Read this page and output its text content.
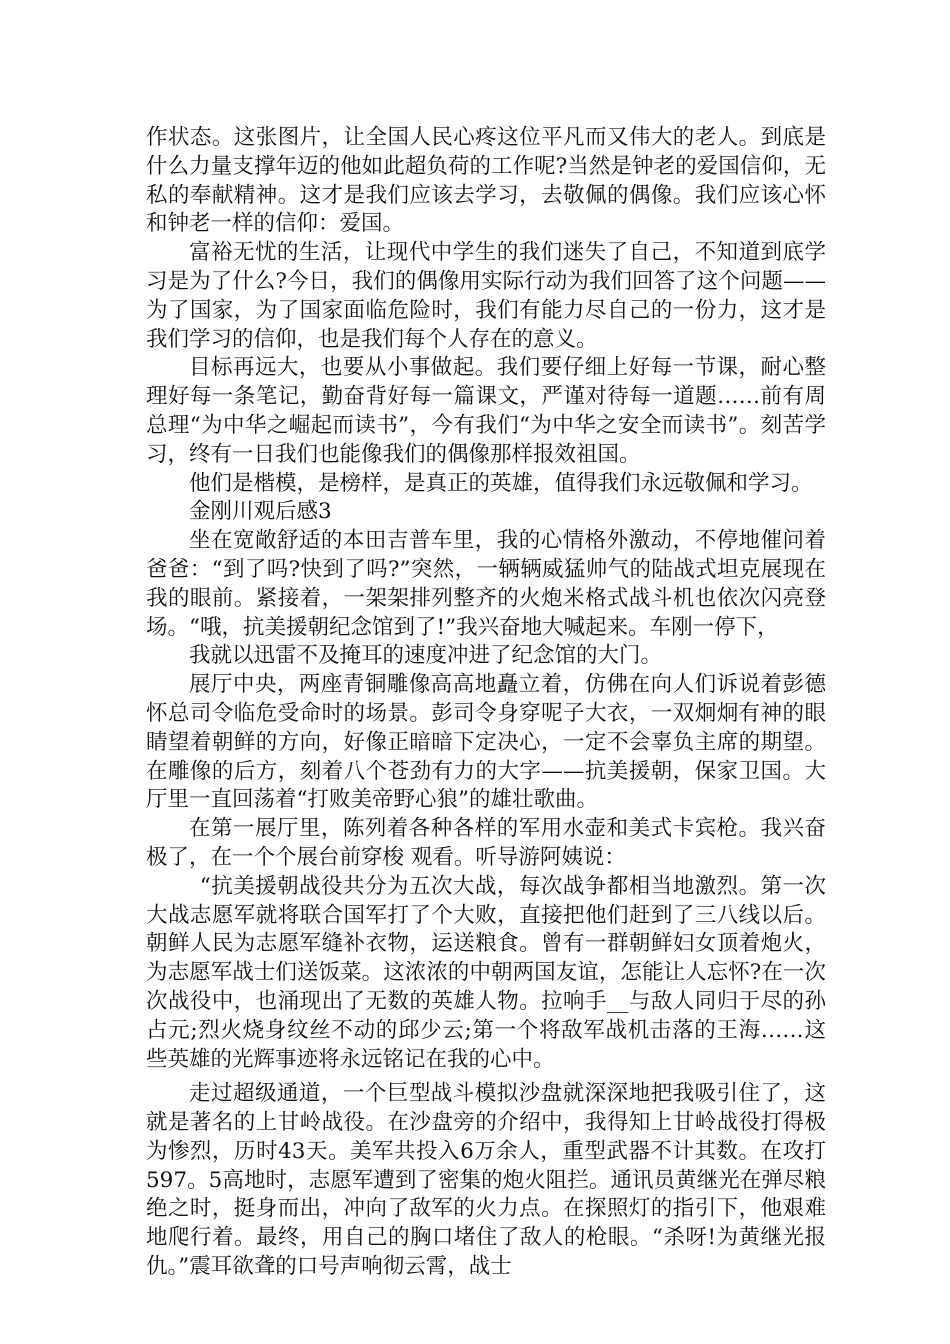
作状态。这张图片，让全国人民心疼这位平凡而又伟大的老人。到底是什么力量支撑年迈的他如此超负荷的工作呢?当然是钟老的爱国信仰，无私的奉献精神。这才是我们应该去学习，去敬佩的偶像。我们应该心怀和钟老一样的信仰：爱国。

富裕无忧的生活，让现代中学生的我们迷失了自己，不知道到底学习是为了什么?今日，我们的偶像用实际行动为我们回答了这个问题——为了国家，为了国家面临危险时，我们有能力尽自己的一份力，这才是我们学习的信仰，也是我们每个人存在的意义。

目标再远大，也要从小事做起。我们要仔细上好每一节课，耐心整理好每一条笔记，勤奋背好每一篇课文，严谨对待每一道题……前有周总理“为中华之崛起而读书”，今有我们“为中华之安全而读书”。刻苦学习，终有一日我们也能像我们的偶像那样报效祖国。

他们是楷模，是榜样，是真正的英雄，值得我们永远敬佩和学习。

金刚川观后感3

坐在宽敞舒适的本田吉普车里，我的心情格外激动，不停地催问着爸爸：“到了吗?快到了吗?”突然，一辆辆威猛帅气的陆战式坦克展现在我的眼前。紧接着，一架架排列整齐的火炮米格式战斗机也依次闪亮登场。“哦，抗美援朝纪念馆到了!”我兴奋地大喊起来。车刚一停下，

我就以迅雷不及掩耳的速度冲进了纪念馆的大门。

展厅中央，两座青铜雕像高高地矗立着，仿佛在向人们诉说着彭德怀总司令临危受命时的场景。彭司令身穿呢子大衣，一双炯炯有神的眼睛望着朝鲜的方向，好像正暗暗下定决心，一定不会辜负主席的期望。在雕像的后方，刻着八个苍劲有力的大字——抗美援朝，保家卫国。大厅里一直回荡着“打败美帝野心狼”的雄壮歌曲。

在第一展厅里，陈列着各种各样的军用水壶和美式卡宾枪。我兴奋极了，在一个个展台前穿梭 观看。听导游阿姨说：

“抗美援朝战役共分为五次大战，每次战争都相当地激烈。第一次大战志愿军就将联合国军打了个大败，直接把他们赶到了三八线以后。朝鲜人民为志愿军缝补衣物，运送粮食。曾有一群朝鲜妇女顶着炮火，为志愿军战士们送饭菜。这浓浓的中朝两国友谊，怎能让人忘怀?在一次次战役中，也涌现出了无数的英雄人物。拉响手__与敌人同归于尽的孙占元;烈火烧身纹丝不动的邱少云;第一个将敌军战机击落的王海……这些英雄的光辉事迹将永远铭记在我的心中。

走过超级通道，一个巨型战斗模拟沙盘就深深地把我吸引住了，这就是著名的上甘岭战役。在沙盘旁的介绍中，我得知上甘岭战役打得极为惨烈，历时43天。美军共投入6万余人，重型武器不计其数。在攻打597。5高地时，志愿军遭到了密集的炮火阻拦。通讯员黄继光在弹尽粮绝之时，挺身而出，冲向了敌军的火力点。在探照灯的指引下，他艰难地爬行着。最终，用自己的胸口堵住了敌人的枪眼。“杀呀!为黄继光报仇。”震耳欲聋的口号声响彻云霄，战士
